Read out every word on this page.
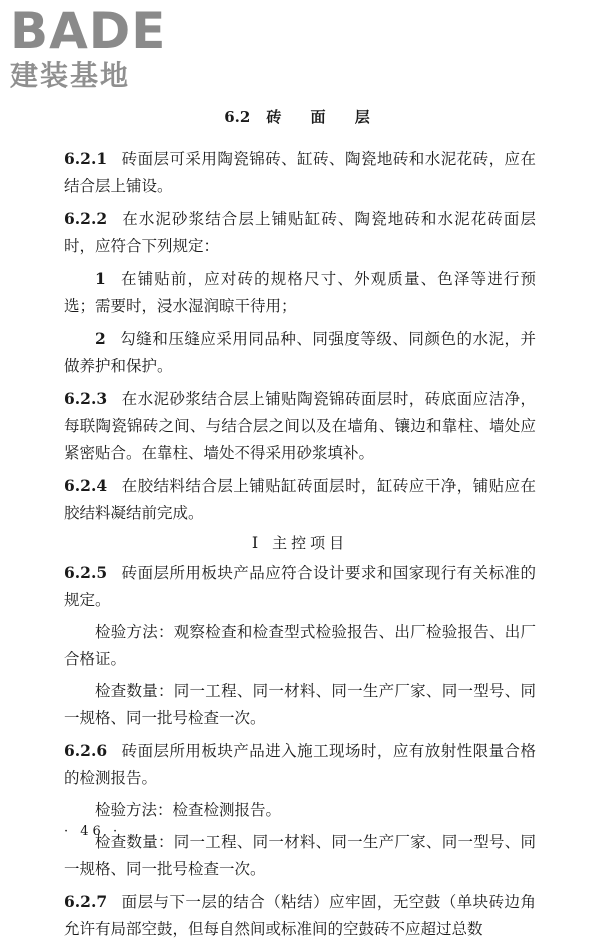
BADE
建装基地
6.2 砖 面 层

6.2.1 砖面层可采用陶瓷锦砖、缸砖、陶瓷地砖和水泥花砖，应在结合层上铺设。

6.2.2 在水泥砂浆结合层上铺贴缸砖、陶瓷地砖和水泥花砖面层时，应符合下列规定：

1 在铺贴前，应对砖的规格尺寸、外观质量、色泽等进行预选；需要时，浸水湿润晾干待用；

2 勾缝和压缝应采用同品种、同强度等级、同颜色的水泥，并做养护和保护。

6.2.3 在水泥砂浆结合层上铺贴陶瓷锦砖面层时，砖底面应洁净，每联陶瓷锦砖之间、与结合层之间以及在墙角、镶边和靠柱、墙处应紧密贴合。在靠柱、墙处不得采用砂浆填补。

6.2.4 在胶结料结合层上铺贴缸砖面层时，缸砖应干净，铺贴应在胶结料凝结前完成。

Ⅰ 主控项目

6.2.5 砖面层所用板块产品应符合设计要求和国家现行有关标准的规定。

检验方法：观察检查和检查型式检验报告、出厂检验报告、出厂合格证。

检查数量：同一工程、同一材料、同一生产厂家、同一型号、同一规格、同一批号检查一次。

6.2.6 砖面层所用板块产品进入施工现场时，应有放射性限量合格的检测报告。

检验方法：检查检测报告。

检查数量：同一工程、同一材料、同一生产厂家、同一型号、同一规格、同一批号检查一次。

6.2.7 面层与下一层的结合（粘结）应牢固，无空鼓（单块砖边角允许有局部空鼓，但每自然间或标准间的空鼓砖不应超过总数

· 46 ·
